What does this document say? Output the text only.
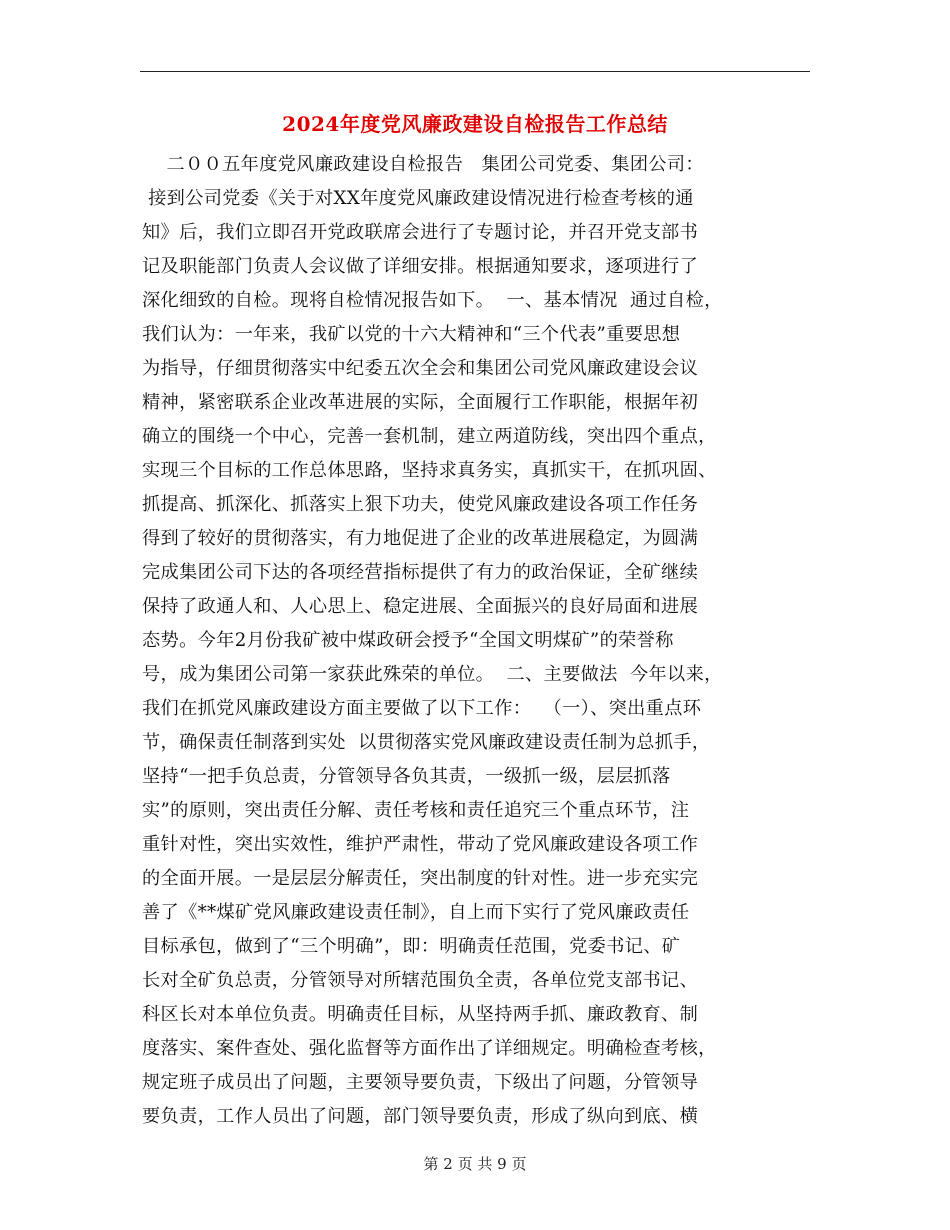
2024年度党风廉政建设自检报告工作总结
二００五年度党风廉政建设自检报告   集团公司党委、集团公司：
接到公司党委《关于对XX年度党风廉政建设情况进行检查考核的通
知》后，我们立即召开党政联席会进行了专题讨论，并召开党支部书
记及职能部门负责人会议做了详细安排。根据通知要求，逐项进行了
深化细致的自检。现将自检情况报告如下。  一、基本情况  通过自检，
我们认为：一年来，我矿以党的十六大精神和“三个代表”重要思想
为指导，仔细贯彻落实中纪委五次全会和集团公司党风廉政建设会议
精神，紧密联系企业改革进展的实际，全面履行工作职能，根据年初
确立的围绕一个中心，完善一套机制，建立两道防线，突出四个重点，
实现三个目标的工作总体思路，坚持求真务实，真抓实干，在抓巩固、
抓提高、抓深化、抓落实上狠下功夫，使党风廉政建设各项工作任务
得到了较好的贯彻落实，有力地促进了企业的改革进展稳定，为圆满
完成集团公司下达的各项经营指标提供了有力的政治保证，全矿继续
保持了政通人和、人心思上、稳定进展、全面振兴的良好局面和进展
态势。今年2月份我矿被中煤政研会授予“全国文明煤矿”的荣誉称
号，成为集团公司第一家获此殊荣的单位。  二、主要做法  今年以来，
我们在抓党风廉政建设方面主要做了以下工作：  （一）、突出重点环
节，确保责任制落到实处  以贯彻落实党风廉政建设责任制为总抓手，
坚持“一把手负总责，分管领导各负其责，一级抓一级，层层抓落
实”的原则，突出责任分解、责任考核和责任追究三个重点环节，注
重针对性，突出实效性，维护严肃性，带动了党风廉政建设各项工作
的全面开展。一是层层分解责任，突出制度的针对性。进一步充实完
善了《**煤矿党风廉政建设责任制》，自上而下实行了党风廉政责任
目标承包，做到了“三个明确”，即：明确责任范围，党委书记、矿
长对全矿负总责，分管领导对所辖范围负全责，各单位党支部书记、
科区长对本单位负责。明确责任目标，从坚持两手抓、廉政教育、制
度落实、案件查处、强化监督等方面作出了详细规定。明确检查考核，
规定班子成员出了问题，主要领导要负责，下级出了问题，分管领导
要负责，工作人员出了问题，部门领导要负责，形成了纵向到底、横
第 2 页 共 9 页
